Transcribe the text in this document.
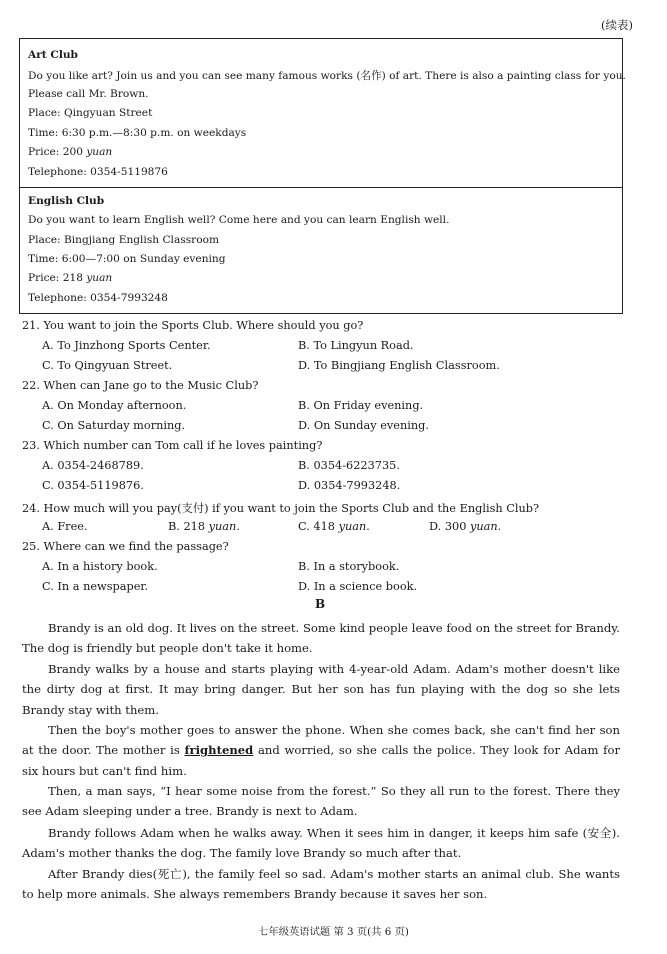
(续表)
Art Club
Do you like art? Join us and you can see many famous works (名作) of art. There is also a painting class for you.
Please call Mr. Brown.
Place: Qingyuan Street
Time: 6:30 p.m.—8:30 p.m. on weekdays
Price: 200 yuan
Telephone: 0354-5119876
English Club
Do you want to learn English well? Come here and you can learn English well.
Place: Bingjiang English Classroom
Time: 6:00—7:00 on Sunday evening
Price: 218 yuan
Telephone: 0354-7993248
21. You want to join the Sports Club. Where should you go?
A. To Jinzhong Sports Center.	B. To Lingyun Road.
C. To Qingyuan Street.	D. To Bingjiang English Classroom.
22. When can Jane go to the Music Club?
A. On Monday afternoon.	B. On Friday evening.
C. On Saturday morning.	D. On Sunday evening.
23. Which number can Tom call if he loves painting?
A. 0354-2468789.	B. 0354-6223735.
C. 0354-5119876.	D. 0354-7993248.
24. How much will you pay(支付) if you want to join the Sports Club and the English Club?
A. Free.	B. 218 yuan.	C. 418 yuan.	D. 300 yuan.
25. Where can we find the passage?
A. In a history book.	B. In a storybook.
C. In a newspaper.	D. In a science book.
B

Brandy is an old dog. It lives on the street. Some kind people leave food on the street for Brandy. The dog is friendly but people don't take it home.

Brandy walks by a house and starts playing with 4-year-old Adam. Adam's mother doesn't like the dirty dog at first. It may bring danger. But her son has fun playing with the dog so she lets Brandy stay with them.

Then the boy's mother goes to answer the phone. When she comes back, she can't find her son at the door. The mother is frightened and worried, so she calls the police. They look for Adam for six hours but can't find him.

Then, a man says, “I hear some noise from the forest.” So they all run to the forest. There they see Adam sleeping under a tree. Brandy is next to Adam.

Brandy follows Adam when he walks away. When it sees him in danger, it keeps him safe (安全). Adam's mother thanks the dog. The family love Brandy so much after that.

After Brandy dies(死亡), the family feel so sad. Adam's mother starts an animal club. She wants to help more animals. She always remembers Brandy because it saves her son.

七年级英语试题 第 3 页(共 6 页)
